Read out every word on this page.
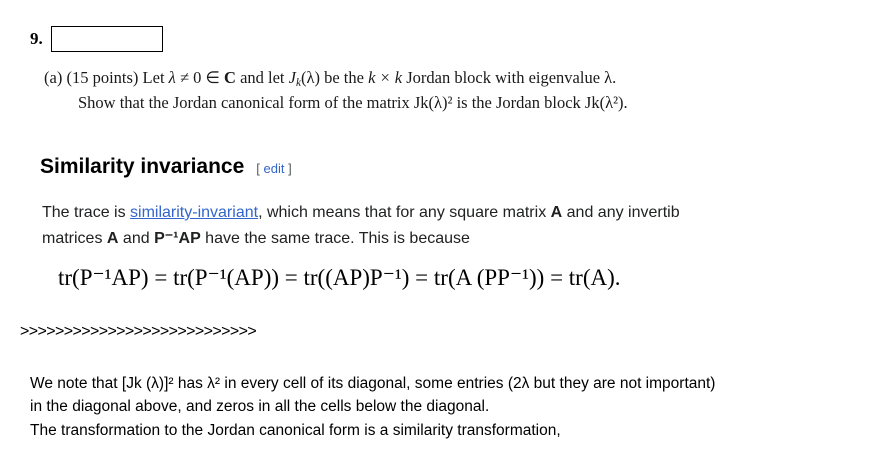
9.
(a) (15 points) Let λ ≠ 0 ∈ C and let $J_k(\lambda)$ be the k × k Jordan block with eigenvalue λ.
Show that the Jordan canonical form of the matrix Jk(λ)² is the Jordan block Jk(λ²).
Similarity invariance [ edit ]
The trace is similarity-invariant, which means that for any square matrix A and any invertib
matrices A and P⁻¹AP have the same trace. This is because
tr(P⁻¹AP) = tr(P⁻¹(AP)) = tr((AP)P⁻¹) = tr(A (PP⁻¹)) = tr(A).
>>>>>>>>>>>>>>>>>>>>>>>>>>>
We note that [Jk (λ)]² has λ² in every cell of its diagonal, some entries (2λ but they are not important)
in the diagonal above, and zeros in all the cells below the diagonal.
The transformation to the Jordan canonical form is a similarity transformation,
